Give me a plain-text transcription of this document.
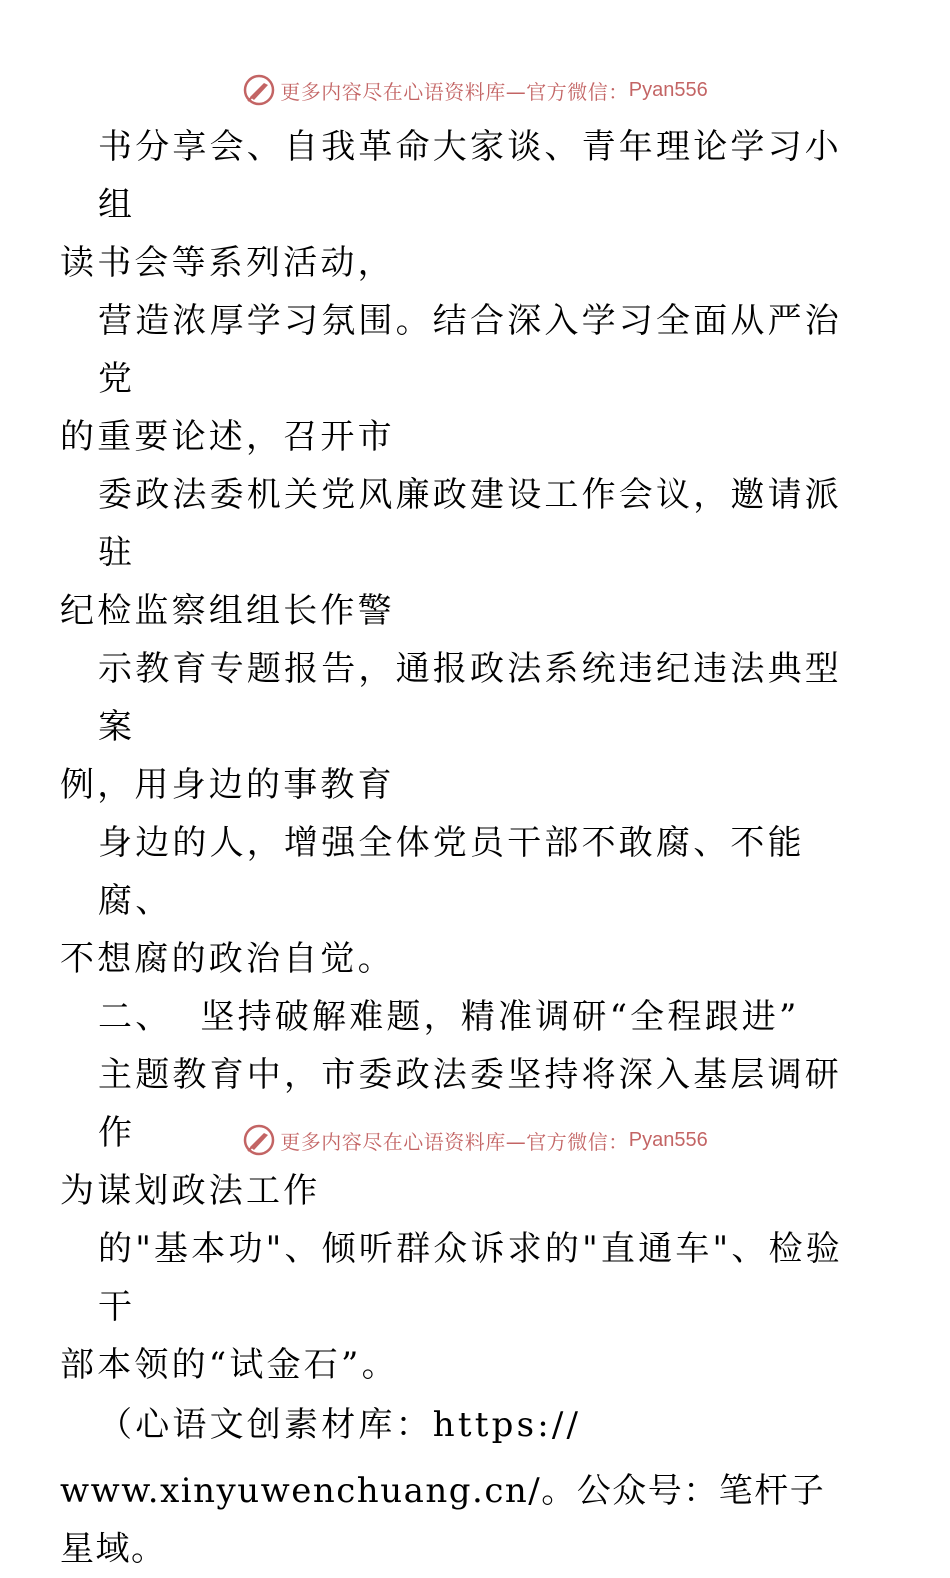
更多内容尽在心语资料库—官方微信： Pyan556

书分享会、自我革命大家谈、青年理论学习小组
读书会等系列活动，

营造浓厚学习氛围。结合深入学习全面从严治党
的重要论述，召开市

委政法委机关党风廉政建设工作会议，邀请派驻
纪检监察组组长作警

示教育专题报告，通报政法系统违纪违法典型案
例，用身边的事教育

身边的人，增强全体党员干部不敢腐、不能腐、
不想腐的政治自觉。

二、 坚持破解难题，精准调研“全程跟进”

主题教育中，市委政法委坚持将深入基层调研作
为谋划政法工作

的"基本功"、倾听群众诉求的"直通车"、检验干
部本领的“试金石”。

（心语文创素材库：https://
www.xinyuwenchuang.cn/。公众号：笔杆子星域。

更多内容尽在心语资料库—官方微信： Pyan556
